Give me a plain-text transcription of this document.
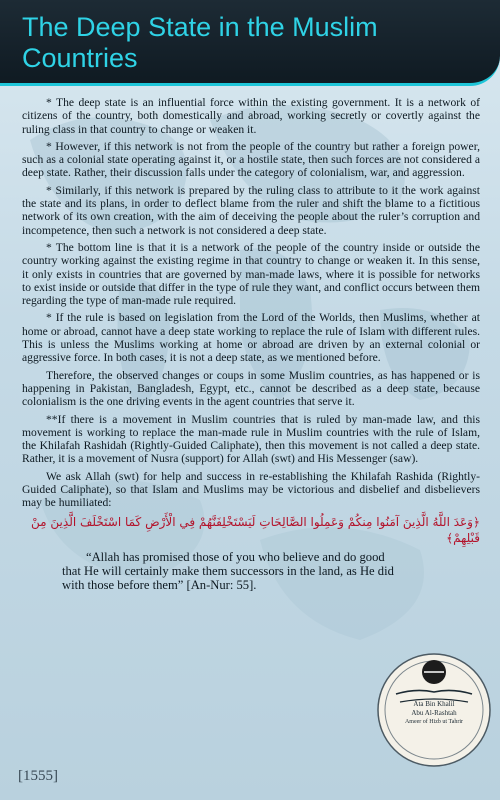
The Deep State in the Muslim Countries

* The deep state is an influential force within the existing government. It is a network of citizens of the country, both domestically and abroad, working secretly or covertly against the ruling class in that country to change or weaken it.

* However, if this network is not from the people of the country but rather a foreign power, such as a colonial state operating against it, or a hostile state, then such forces are not considered a deep state. Rather, their discussion falls under the category of colonialism, war, and aggression.

* Similarly, if this network is prepared by the ruling class to attribute to it the work against the state and its plans, in order to deflect blame from the ruler and shift the blame to a fictitious network of its own creation, with the aim of deceiving the people about the ruler’s corruption and incompetence, then such a network is not considered a deep state.

* The bottom line is that it is a network of the people of the country inside or outside the country working against the existing regime in that country to change or weaken it. In this sense, it only exists in countries that are governed by man-made laws, where it is possible for networks to exist inside or outside that differ in the type of rule they want, and conflict occurs between them regarding the type of man-made rule required.

* If the rule is based on legislation from the Lord of the Worlds, then Muslims, whether at home or abroad, cannot have a deep state working to replace the rule of Islam with different rules. This is unless the Muslims working at home or abroad are driven by an external colonial or aggressive force. In both cases, it is not a deep state, as we mentioned before.

Therefore, the observed changes or coups in some Muslim countries, as has happened or is happening in Pakistan, Bangladesh, Egypt, etc., cannot be described as a deep state, because colonialism is the one driving events in the agent countries that serve it.

**If there is a movement in Muslim countries that is ruled by man-made law, and this movement is working to replace the man-made rule in Muslim countries with the rule of Islam, the Khilafah Rashidah (Rightly-Guided Caliphate), then this movement is not called a deep state. Rather, it is a movement of Nusra (support) for Allah (swt) and His Messenger (saw).

We ask Allah (swt) for help and success in re-establishing the Khilafah Rashida (Rightly-Guided Caliphate), so that Islam and Muslims may be victorious and disbelief and disbelievers may be humiliated:

﴿وَعَدَ اللَّهُ الَّذِينَ آمَنُوا مِنكُمْ وَعَمِلُوا الصَّالِحَاتِ لَيَسْتَخْلِفَنَّهُمْ فِي الْأَرْضِ كَمَا اسْتَخْلَفَ الَّذِينَ مِنْ قَبْلِهِمْ﴾

“Allah has promised those of you who believe and do good that He will certainly make them successors in the land, as He did with those before them” [An-Nur: 55].

Ata Bin Khalil
Abu Al-Rashtah
Ameer of Hizb ut Tahrir
[1555]
